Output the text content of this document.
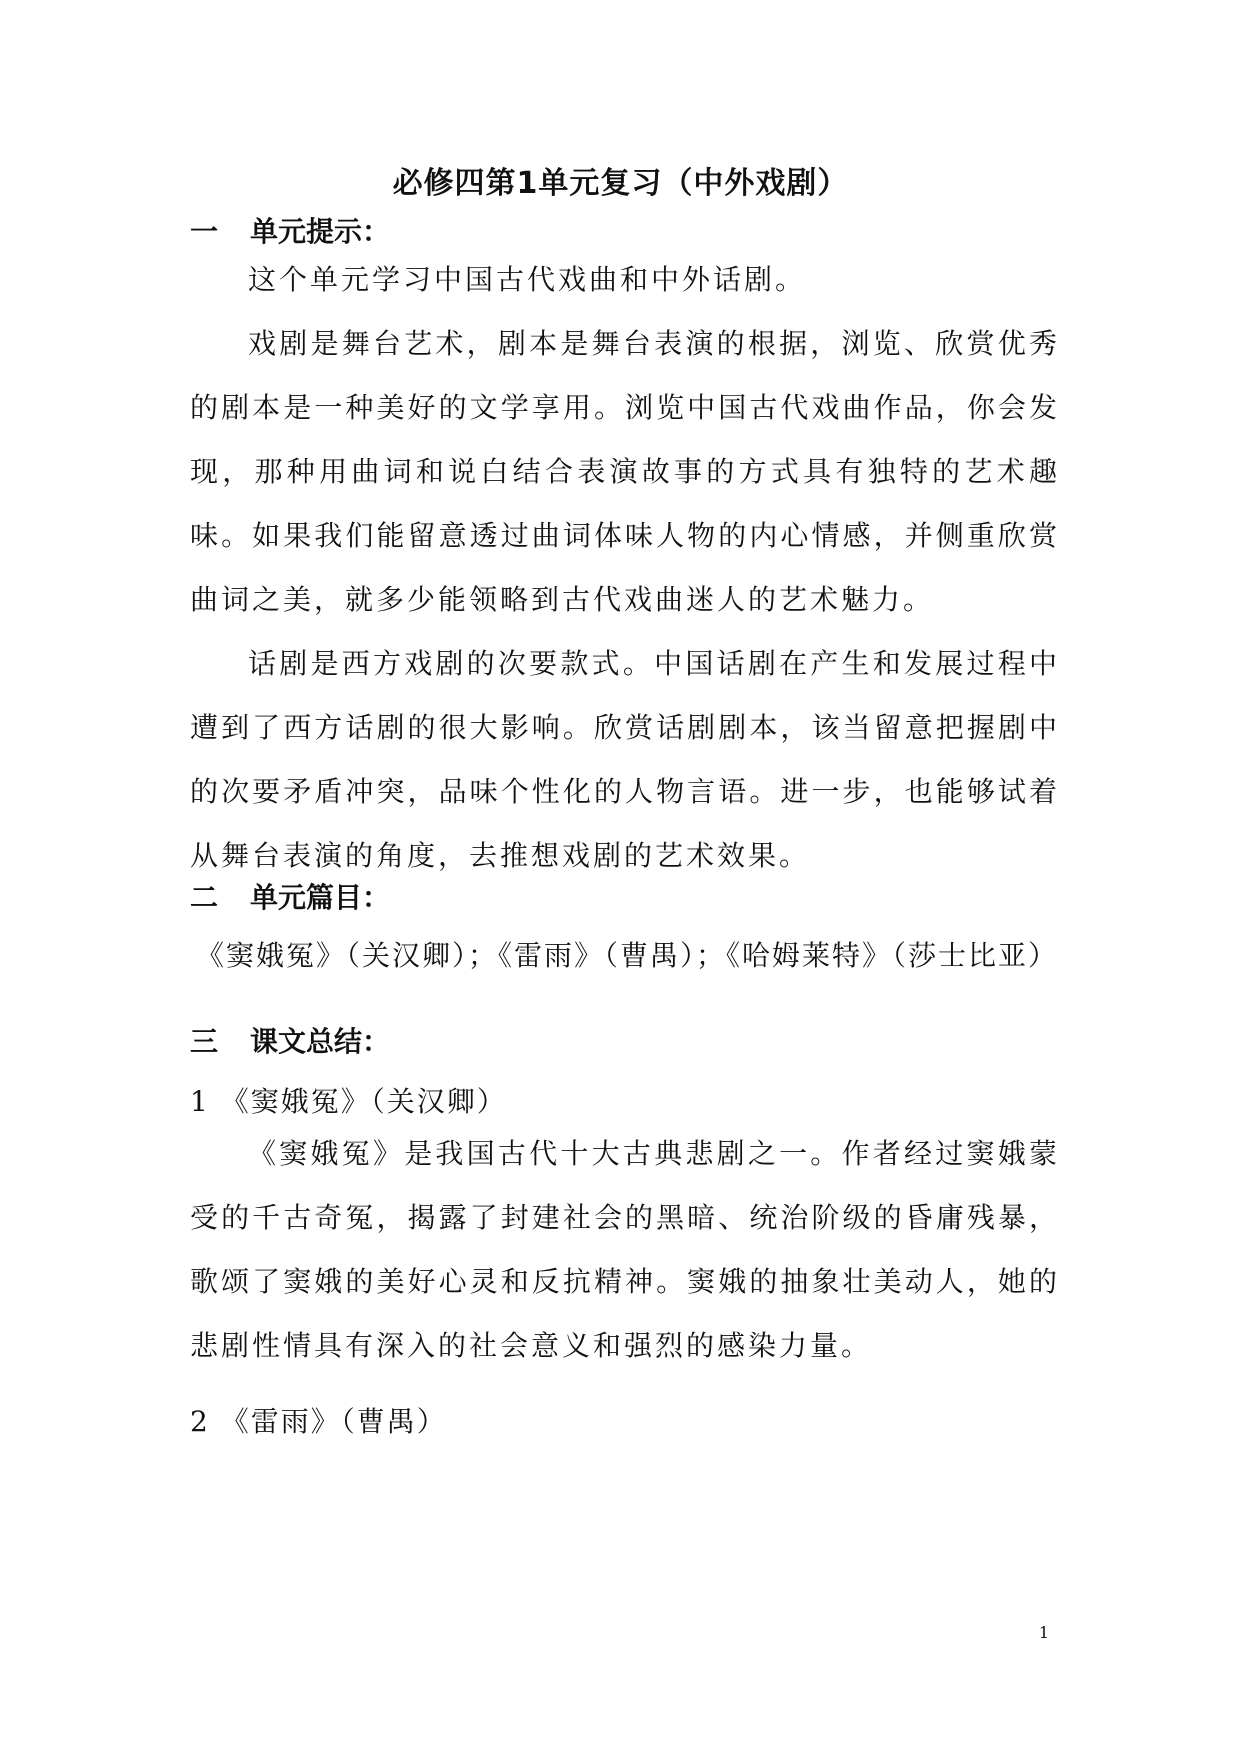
必修四第1单元复习（中外戏剧）
一 单元提示：
这个单元学习中国古代戏曲和中外话剧。
戏剧是舞台艺术，剧本是舞台表演的根据，浏览、欣赏优秀的剧本是一种美好的文学享用。浏览中国古代戏曲作品，你会发现，那种用曲词和说白结合表演故事的方式具有独特的艺术趣味。如果我们能留意透过曲词体味人物的内心情感，并侧重欣赏曲词之美，就多少能领略到古代戏曲迷人的艺术魅力。
话剧是西方戏剧的次要款式。中国话剧在产生和发展过程中遭到了西方话剧的很大影响。欣赏话剧剧本，该当留意把握剧中的次要矛盾冲突，品味个性化的人物言语。进一步，也能够试着从舞台表演的角度，去推想戏剧的艺术效果。
二 单元篇目：
《窦娥冤》（关汉卿）；《雷雨》（曹禺）；《哈姆莱特》（莎士比亚）
三 课文总结：
1 《窦娥冤》（关汉卿）
《窦娥冤》是我国古代十大古典悲剧之一。作者经过窦娥蒙受的千古奇冤，揭露了封建社会的黑暗、统治阶级的昏庸残暴，歌颂了窦娥的美好心灵和反抗精神。窦娥的抽象壮美动人，她的悲剧性情具有深入的社会意义和强烈的感染力量。
2 《雷雨》（曹禺）
1
